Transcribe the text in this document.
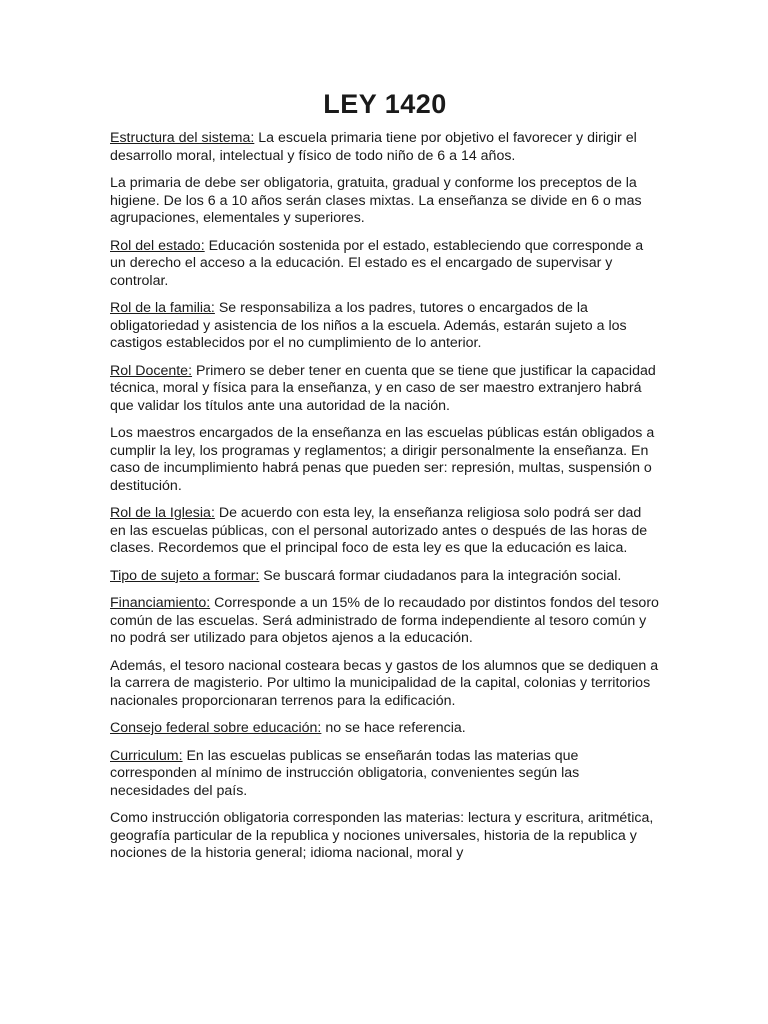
LEY 1420

Estructura del sistema: La escuela primaria tiene por objetivo el favorecer y dirigir el desarrollo moral, intelectual y físico de todo niño de 6 a 14 años.

La primaria de debe ser obligatoria, gratuita, gradual y conforme los preceptos de la higiene. De los 6 a 10 años serán clases mixtas. La enseñanza se divide en 6 o mas agrupaciones, elementales y superiores.

Rol del estado: Educación sostenida por el estado, estableciendo que corresponde a un derecho el acceso a la educación. El estado es el encargado de supervisar y controlar.

Rol de la familia: Se responsabiliza a los padres, tutores o encargados de la obligatoriedad y asistencia de los niños a la escuela. Además, estarán sujeto a los castigos establecidos por el no cumplimiento de lo anterior.

Rol Docente: Primero se deber tener en cuenta que se tiene que justificar la capacidad técnica, moral y física para la enseñanza, y en caso de ser maestro extranjero habrá que validar los títulos ante una autoridad de la nación.

Los maestros encargados de la enseñanza en las escuelas públicas están obligados a cumplir la ley, los programas y reglamentos; a dirigir personalmente la enseñanza. En caso de incumplimiento habrá penas que pueden ser: represión, multas, suspensión o destitución.

Rol de la Iglesia: De acuerdo con esta ley, la enseñanza religiosa solo podrá ser dad en las escuelas públicas, con el personal autorizado antes o después de las horas de clases. Recordemos que el principal foco de esta ley es que la educación es laica.

Tipo de sujeto a formar: Se buscará formar ciudadanos para la integración social.

Financiamiento: Corresponde a un 15% de lo recaudado por distintos fondos del tesoro común de las escuelas. Será administrado de forma independiente al tesoro común y no podrá ser utilizado para objetos ajenos a la educación.

Además, el tesoro nacional costeara becas y gastos de los alumnos que se dediquen a la carrera de magisterio. Por ultimo la municipalidad de la capital, colonias y territorios nacionales proporcionaran terrenos para la edificación.

Consejo federal sobre educación: no se hace referencia.

Curriculum: En las escuelas publicas se enseñarán todas las materias que corresponden al mínimo de instrucción obligatoria, convenientes según las necesidades del país.

Como instrucción obligatoria corresponden las materias: lectura y escritura, aritmética, geografía particular de la republica y nociones universales, historia de la republica y nociones de la historia general; idioma nacional, moral y
